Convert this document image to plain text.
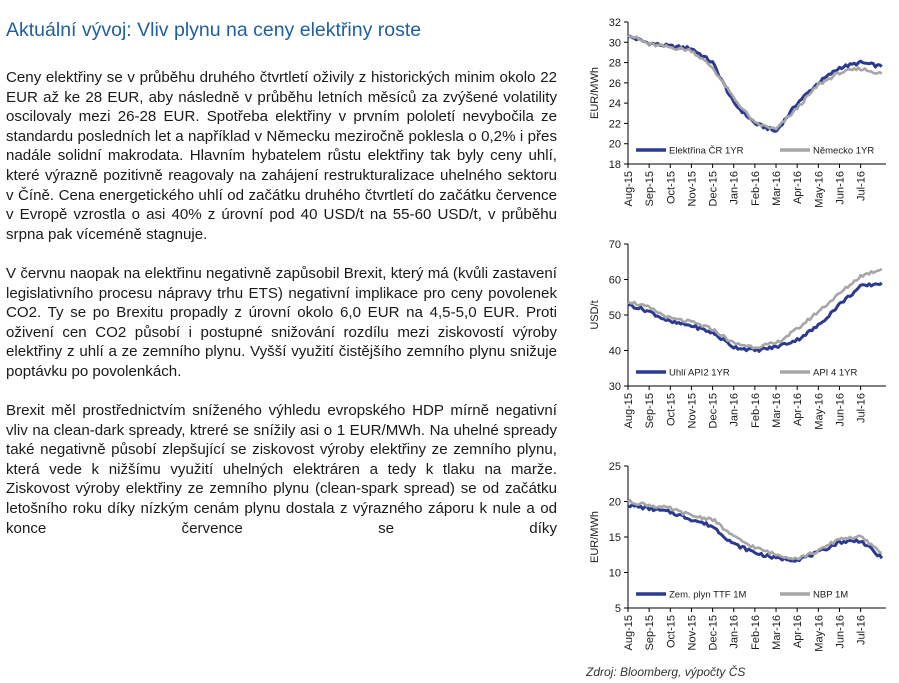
Aktuální vývoj: Vliv plynu na ceny elektřiny roste

Ceny elektřiny se v průběhu druhého čtvrtletí oživily z historických minim okolo 22 EUR až ke 28 EUR, aby následně v průběhu letních měsíců za zvýšené volatility oscilovaly mezi 26-28 EUR. Spotřeba elektřiny v prvním pololetí nevybočila ze standardu posledních let a například v Německu meziročně poklesla o 0,2% i přes nadále solidní makrodata. Hlavním hybatelem růstu elektřiny tak byly ceny uhlí, které výrazně pozitivně reagovaly na zahájení restrukturalizace uhelného sektoru v Číně. Cena energetického uhlí od začátku druhého čtvrtletí do začátku července v Evropě vzrostla o asi 40% z úrovní pod 40 USD/t na 55-60 USD/t, v průběhu srpna pak víceméně stagnuje.

V červnu naopak na elektřinu negativně zapůsobil Brexit, který má (kvůli zastavení legislativního procesu nápravy trhu ETS) negativní implikace pro ceny povolenek CO2. Ty se po Brexitu propadly z úrovní okolo 6,0 EUR na 4,5-5,0 EUR. Proti oživení cen CO2 působí i postupné snižování rozdílu mezi ziskovostí výroby elektřiny z uhlí a ze zemního plynu. Vyšší využití čistějšího zemního plynu snižuje poptávku po povolenkách.

Brexit měl prostřednictvím sníženého výhledu evropského HDP mírně negativní vliv na clean-dark spready, ktreré se snížily asi o 1 EUR/MWh. Na uhelné spready také negativně působí zlepšující se ziskovost výroby elektřiny ze zemního plynu, která vede k nižšímu využití uhelných elektráren a tedy k tlaku na marže. Ziskovost výroby elektřiny ze zemního plynu (clean-spark spread) se od začátku letošního roku díky nízkým cenám plynu dostala z výrazného záporu k nule a od konce července se díky

18
20
22
24
26
28
30
32
EUR/MWh
Aug-15 Sep-15 Oct-15 Nov-15 Dec-15 Jan-16 Feb-16 Mar-16 Apr-16 May-16 Jun-16 Jul-16
Elektřina ČR 1YR	Německo 1YR
30
40
50
60
70
USD/t
Aug-15 Sep-15 Oct-15 Nov-15 Dec-15 Jan-16 Feb-16 Mar-16 Apr-16 May-16 Jun-16 Jul-16
Uhlí API2 1YR	API 4 1YR
5
10
15
20
25
EUR/MWh
Aug-15 Sep-15 Oct-15 Nov-15 Dec-15 Jan-16 Feb-16 Mar-16 Apr-16 May-16 Jun-16 Jul-16
Zem. plyn TTF 1M	NBP 1M
Zdroj: Bloomberg, výpočty ČS
